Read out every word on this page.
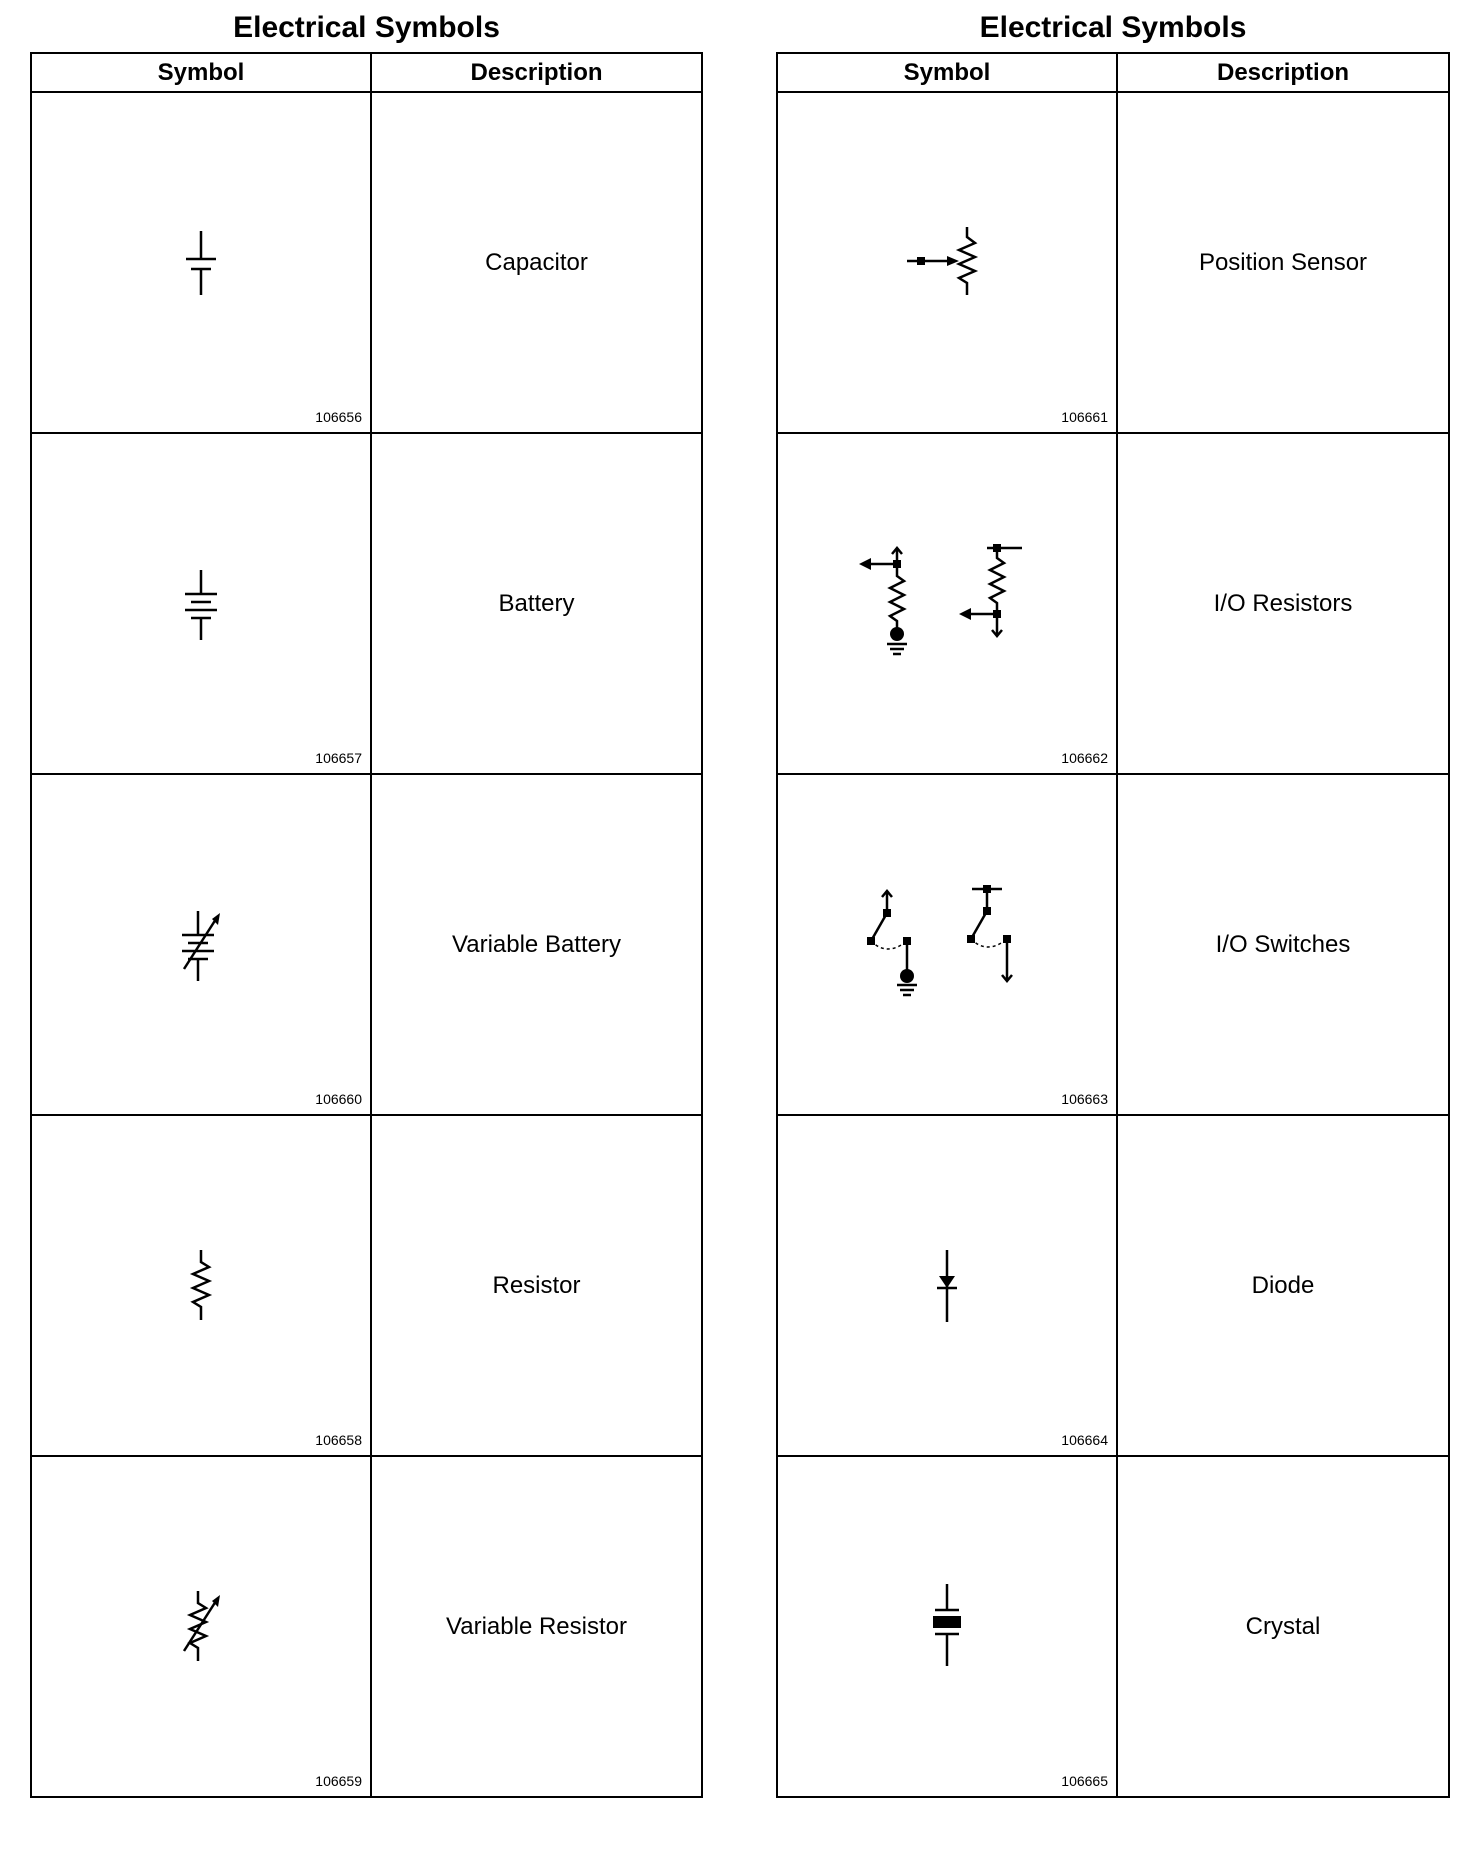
Electrical Symbols
Symbol	Description

106656	Capacitor

106657	Battery

106660	Variable Battery

106658	Resistor

106659	Variable Resistor
Electrical Symbols
Symbol	Description

106661	Position Sensor

106662	I/O Resistors

106663	I/O Switches

106664	Diode

106665	Crystal
